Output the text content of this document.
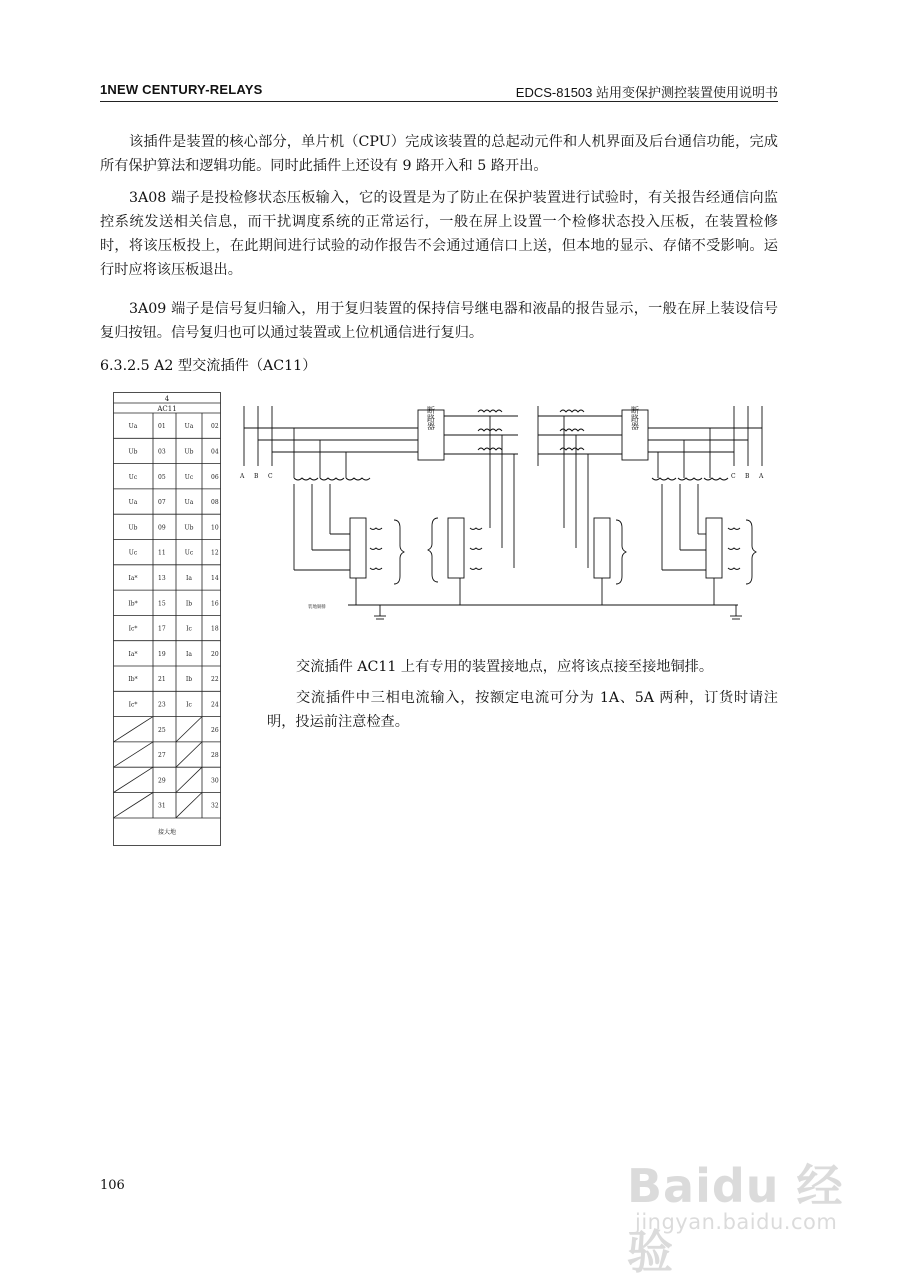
1NEW CENTURY-RELAYS	EDCS-81503 站用变保护测控装置使用说明书

该插件是装置的核心部分，单片机（CPU）完成该装置的总起动元件和人机界面及后台通信功能，完成所有保护算法和逻辑功能。同时此插件上还设有 9 路开入和 5 路开出。

3A08 端子是投检修状态压板输入，它的设置是为了防止在保护装置进行试验时，有关报告经通信向监控系统发送相关信息，而干扰调度系统的正常运行，一般在屏上设置一个检修状态投入压板，在装置检修时，将该压板投上，在此期间进行试验的动作报告不会通过通信口上送，但本地的显示、存储不受影响。运行时应将该压板退出。

3A09 端子是信号复归输入，用于复归装置的保持信号继电器和液晶的报告显示，一般在屏上装设信号复归按钮。信号复归也可以通过装置或上位机通信进行复归。

6.3.2.5 A2 型交流插件（AC11）
4
AC11
Ua	01	Ua	02
Ub	03	Ub	04
Uc	05	Uc	06
Ua	07	Ua	08
Ub	09	Ub	10
Uc	11	Uc	12
Ia*	13	Ia	14
Ib*	15	Ib	16
Ic*	17	Ic	18
Ia*	19	Ia	20
Ib*	21	Ib	22
Ic*	23	Ic	24
25	26
27	28
29	30
31	32
接大地
断路器	断路器
A B C	C B A
装地铜排

交流插件 AC11 上有专用的装置接地点，应将该点接至接地铜排。

交流插件中三相电流输入，按额定电流可分为 1A、5A 两种，订货时请注明，投运前注意检查。

106	Baidu 经验
jingyan.baidu.com
